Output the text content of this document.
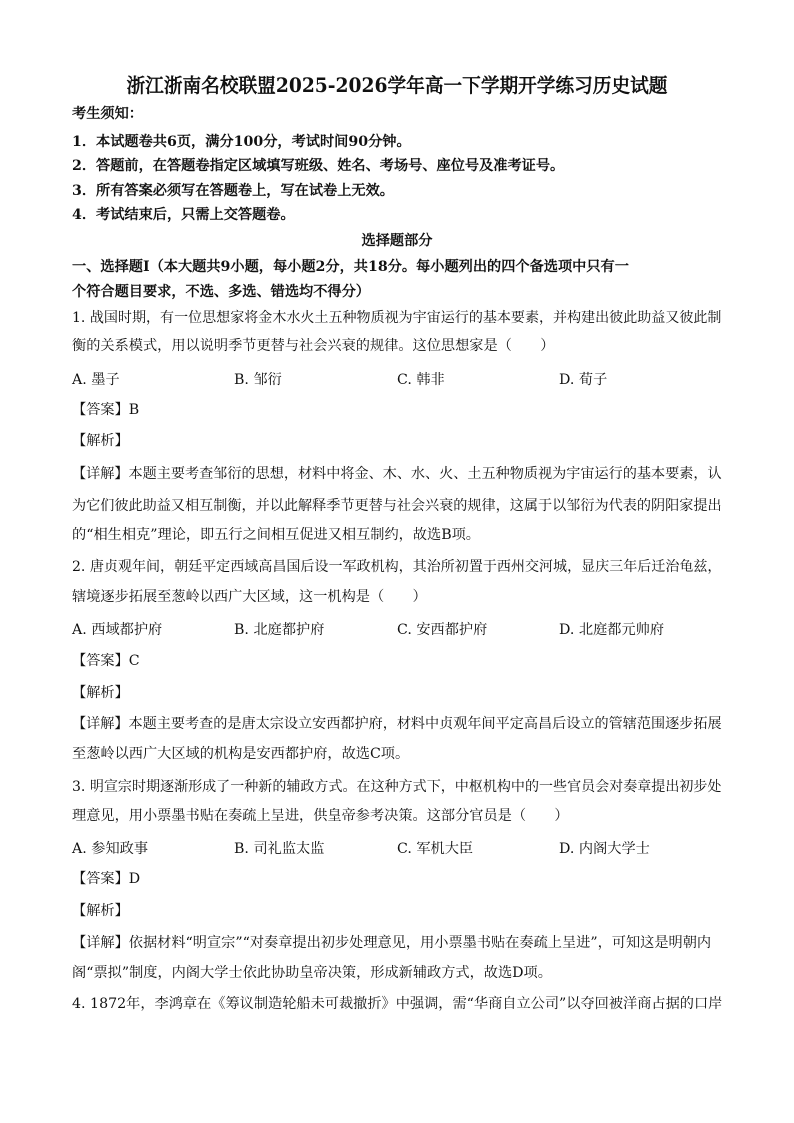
浙江浙南名校联盟2025-2026学年高一下学期开学练习历史试题
考生须知：
1．本试题卷共6页，满分100分，考试时间90分钟。
2．答题前，在答题卷指定区域填写班级、姓名、考场号、座位号及准考证号。
3．所有答案必须写在答题卷上，写在试卷上无效。
4．考试结束后，只需上交答题卷。
选择题部分
一、选择题Ⅰ（本大题共9小题，每小题2分，共18分。每小题列出的四个备选项中只有一
个符合题目要求，不选、多选、错选均不得分）
1. 战国时期，有一位思想家将金木水火土五种物质视为宇宙运行的基本要素，并构建出彼此助益又彼此制
衡的关系模式，用以说明季节更替与社会兴衰的规律。这位思想家是（　　）
A. 墨子	B. 邹衍	C. 韩非	D. 荀子
【答案】B
【解析】
【详解】本题主要考查邹衍的思想，材料中将金、木、水、火、土五种物质视为宇宙运行的基本要素，认
为它们彼此助益又相互制衡，并以此解释季节更替与社会兴衰的规律，这属于以邹衍为代表的阴阳家提出
的“相生相克”理论，即五行之间相互促进又相互制约，故选B项。
2. 唐贞观年间，朝廷平定西域高昌国后设一军政机构，其治所初置于西州交河城，显庆三年后迁治龟兹，
辖境逐步拓展至葱岭以西广大区域，这一机构是（　　）
A. 西域都护府	B. 北庭都护府	C. 安西都护府	D. 北庭都元帅府
【答案】C
【解析】
【详解】本题主要考查的是唐太宗设立安西都护府，材料中贞观年间平定高昌后设立的管辖范围逐步拓展
至葱岭以西广大区域的机构是安西都护府，故选C项。
3. 明宣宗时期逐渐形成了一种新的辅政方式。在这种方式下，中枢机构中的一些官员会对奏章提出初步处
理意见，用小票墨书贴在奏疏上呈进，供皇帝参考决策。这部分官员是（　　）
A. 参知政事	B. 司礼监太监	C. 军机大臣	D. 内阁大学士
【答案】D
【解析】
【详解】依据材料“明宣宗”“对奏章提出初步处理意见，用小票墨书贴在奏疏上呈进”，可知这是明朝内
阁“票拟”制度，内阁大学士依此协助皇帝决策，形成新辅政方式，故选D项。
4. 1872年，李鸿章在《筹议制造轮船未可裁撤折》中强调，需“华商自立公司”以夺回被洋商占据的口岸
